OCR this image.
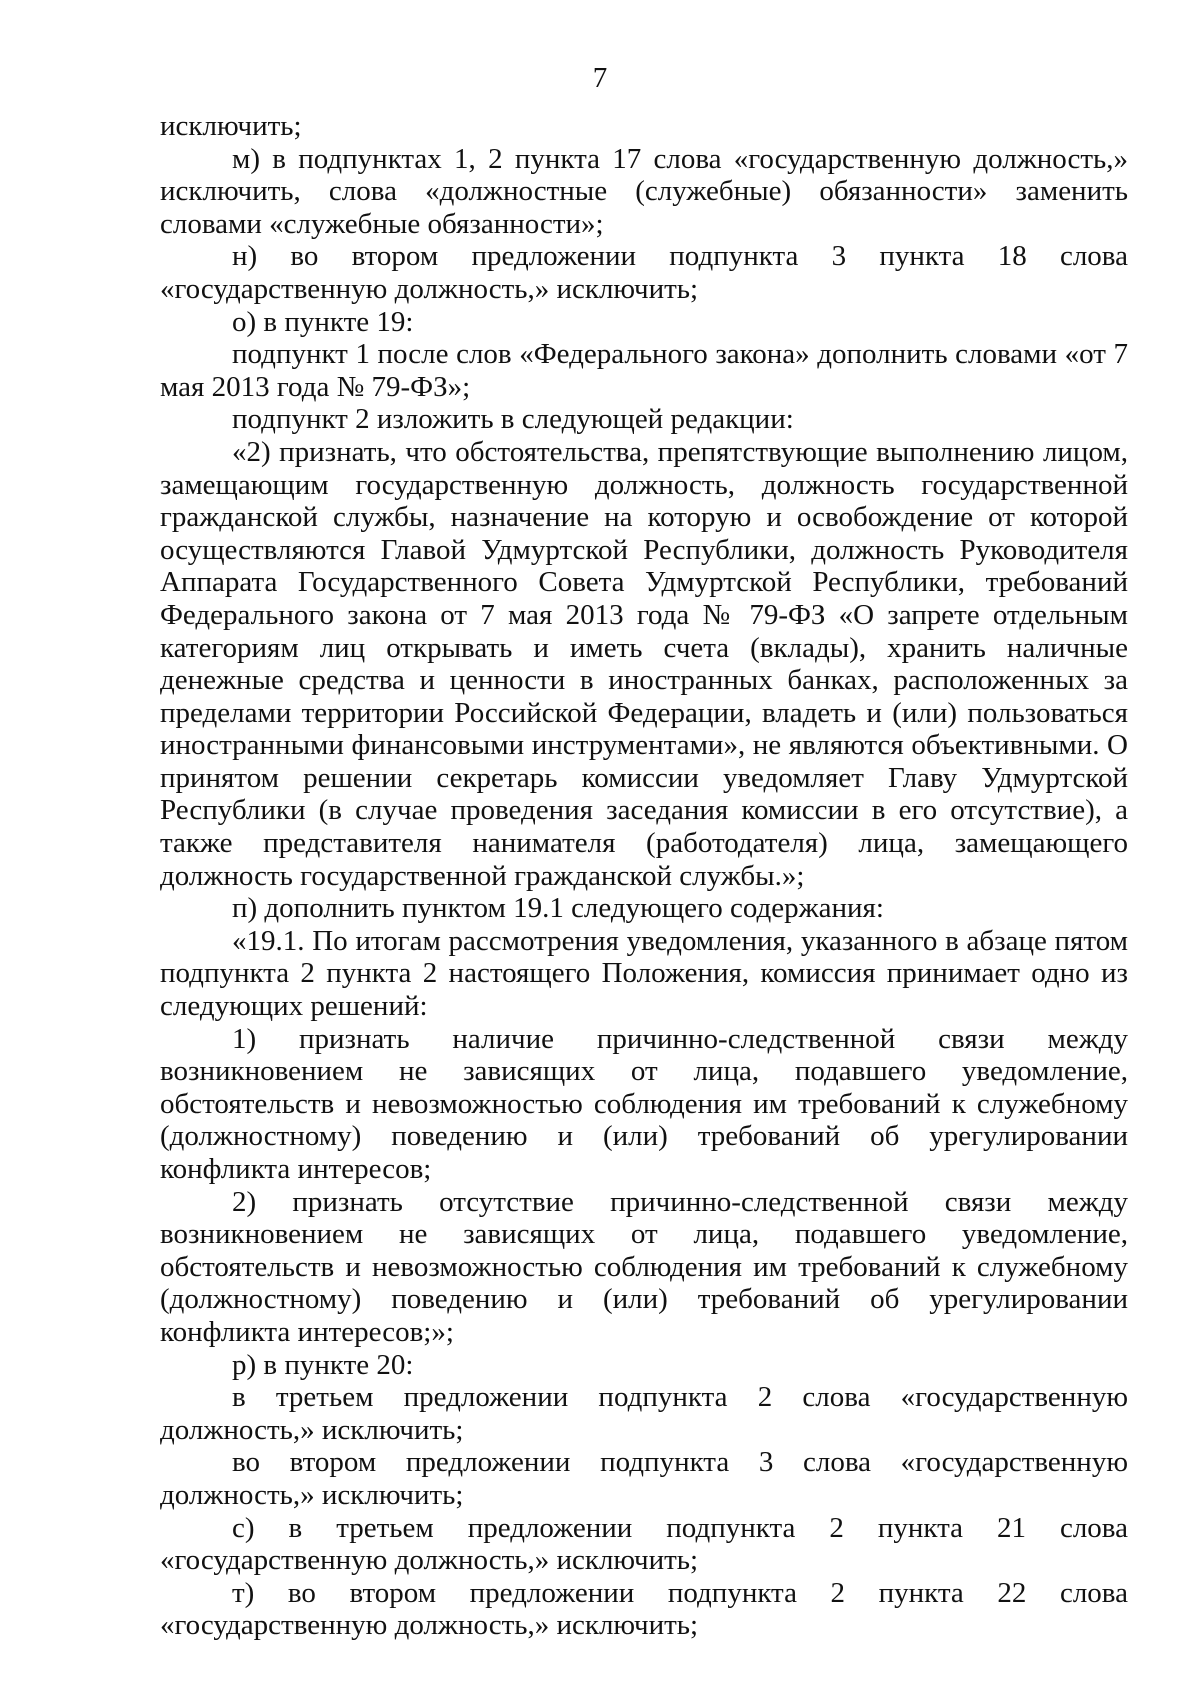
7

исключить;

м) в подпунктах 1, 2 пункта 17 слова «государственную должность,» исключить, слова «должностные (служебные) обязанности» заменить словами «служебные обязанности»;

н) во втором предложении подпункта 3 пункта 18 слова «государственную должность,» исключить;

о) в пункте 19:

подпункт 1 после слов «Федерального закона» дополнить словами «от 7 мая 2013 года № 79-ФЗ»;

подпункт 2 изложить в следующей редакции:

«2) признать, что обстоятельства, препятствующие выполнению лицом, замещающим государственную должность, должность государственной гражданской службы, назначение на которую и освобождение от которой осуществляются Главой Удмуртской Республики, должность Руководителя Аппарата Государственного Совета Удмуртской Республики, требований Федерального закона от 7 мая 2013 года № 79-ФЗ «О запрете отдельным категориям лиц открывать и иметь счета (вклады), хранить наличные денежные средства и ценности в иностранных банках, расположенных за пределами территории Российской Федерации, владеть и (или) пользоваться иностранными финансовыми инструментами», не являются объективными. О принятом решении секретарь комиссии уведомляет Главу Удмуртской Республики (в случае проведения заседания комиссии в его отсутствие), а также представителя нанимателя (работодателя) лица, замещающего должность государственной гражданской службы.»;

п) дополнить пунктом 19.1 следующего содержания:

«19.1. По итогам рассмотрения уведомления, указанного в абзаце пятом подпункта 2 пункта 2 настоящего Положения, комиссия принимает одно из следующих решений:

1) признать наличие причинно-следственной связи между возникновением не зависящих от лица, подавшего уведомление, обстоятельств и невозможностью соблюдения им требований к служебному (должностному) поведению и (или) требований об урегулировании конфликта интересов;

2) признать отсутствие причинно-следственной связи между возникновением не зависящих от лица, подавшего уведомление, обстоятельств и невозможностью соблюдения им требований к служебному (должностному) поведению и (или) требований об урегулировании конфликта интересов;»;

р) в пункте 20:

в третьем предложении подпункта 2 слова «государственную должность,» исключить;

во втором предложении подпункта 3 слова «государственную должность,» исключить;

с) в третьем предложении подпункта 2 пункта 21 слова «государственную должность,» исключить;

т) во втором предложении подпункта 2 пункта 22 слова «государственную должность,» исключить;
